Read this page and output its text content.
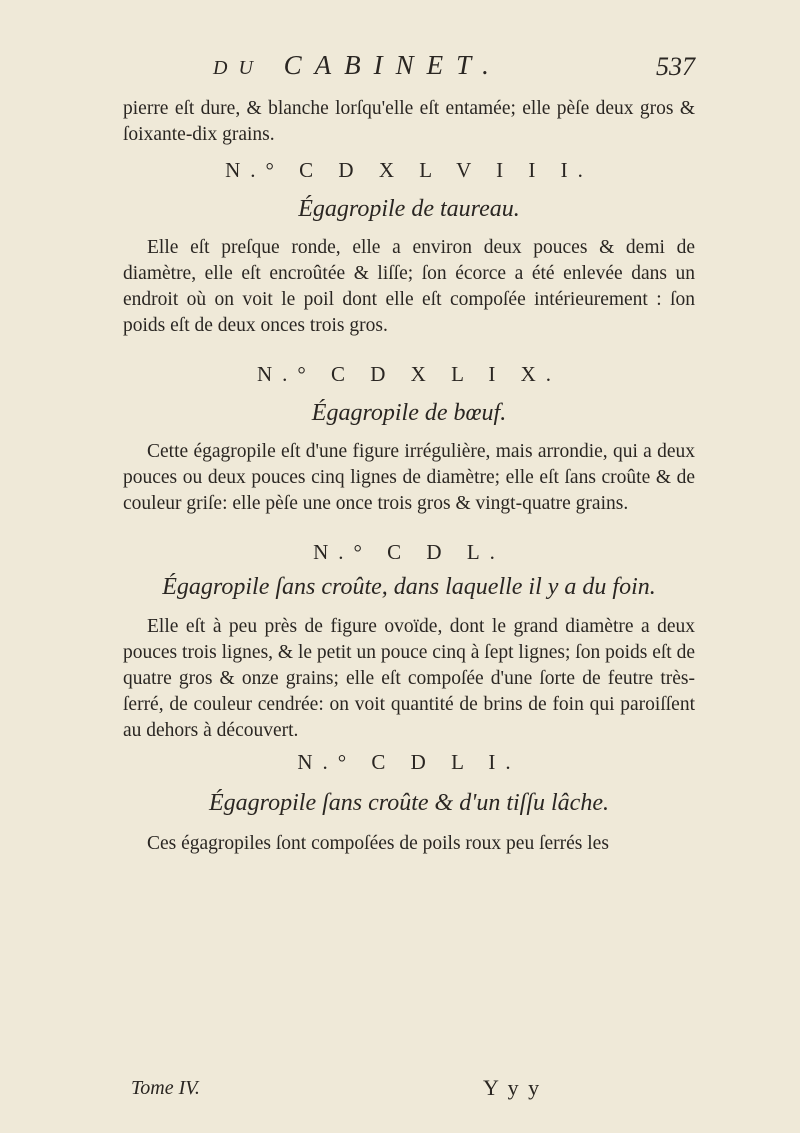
DU CABINET.	537

pierre eſt dure, & blanche lorſqu'elle eſt entamée; elle pèſe deux gros & ſoixante-dix grains.

N.° C D X L V I I I.

Égagropile de taureau.

Elle eſt preſque ronde, elle a environ deux pouces & demi de diamètre, elle eſt encroûtée & liſſe; ſon écorce a été enlevée dans un endroit où on voit le poil dont elle eſt compoſée intérieurement : ſon poids eſt de deux onces trois gros.

N.° C D X L I X.

Égagropile de bœuf.

Cette égagropile eſt d'une figure irrégulière, mais arrondie, qui a deux pouces ou deux pouces cinq lignes de diamètre; elle eſt ſans croûte & de couleur griſe: elle pèſe une once trois gros & vingt-quatre grains.

N.° C D L.

Égagropile ſans croûte, dans laquelle il y a du foin.

Elle eſt à peu près de figure ovoïde, dont le grand diamètre a deux pouces trois lignes, & le petit un pouce cinq à ſept lignes; ſon poids eſt de quatre gros & onze grains; elle eſt compoſée d'une ſorte de feutre très-ſerré, de couleur cendrée: on voit quantité de brins de foin qui paroiſſent au dehors à découvert.

N.° C D L I.

Égagropile ſans croûte & d'un tiſſu lâche.

Ces égagropiles ſont compoſées de poils roux peu ſerrés les

Tome IV.	Y y y
